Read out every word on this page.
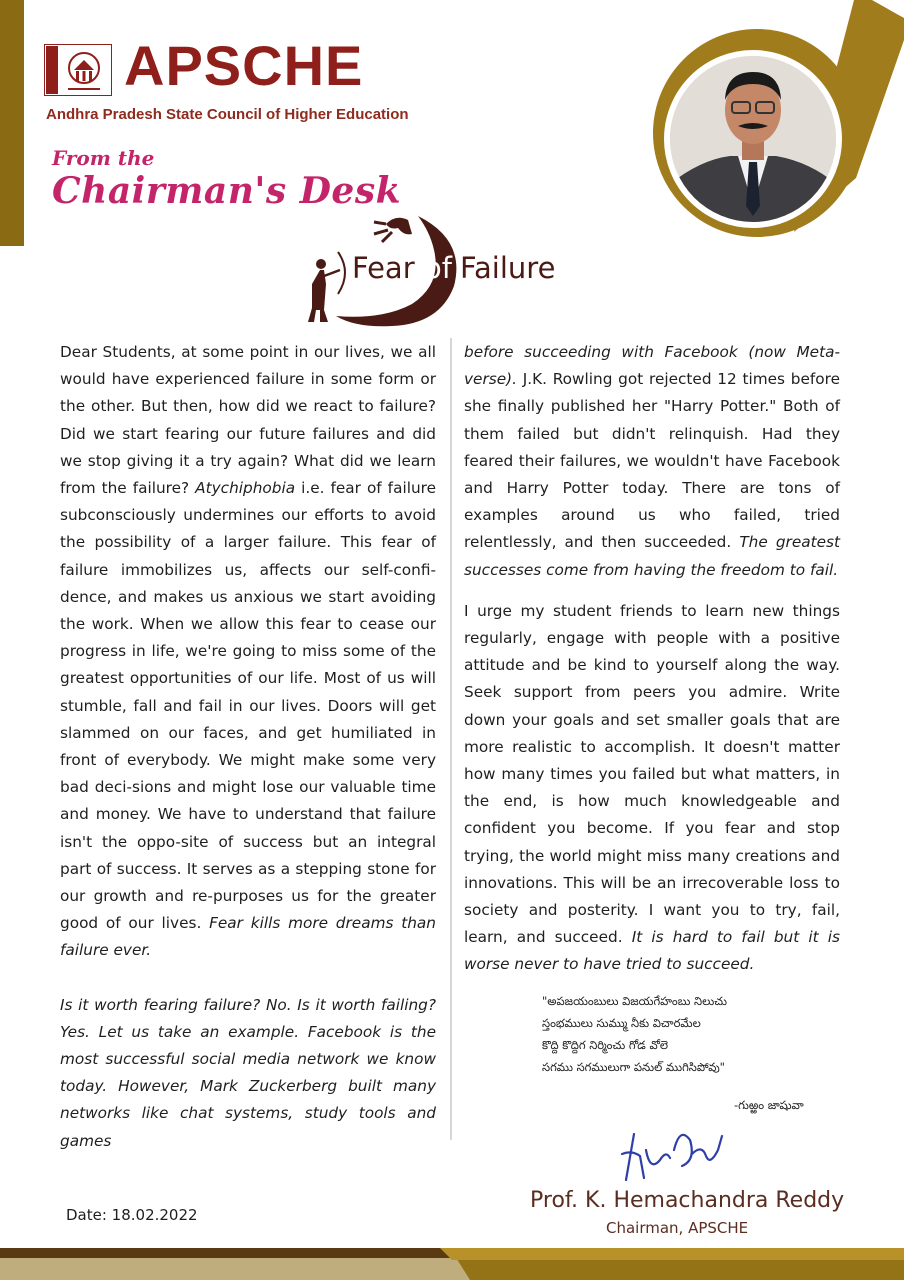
APSCHE
Andhra Pradesh State Council of Higher Education
From the
Chairman's Desk
Fear of Failure

Dear Students, at some point in our lives, we all would have experienced failure in some form or the other. But then, how did we react to failure? Did we start fearing our future failures and did we stop giving it a try again? What did we learn from the failure? Atychiphobia i.e. fear of failure subconsciously undermines our efforts to avoid the possibility of a larger failure. This fear of failure immobilizes us, affects our self-confi-dence, and makes us anxious we start avoiding the work. When we allow this fear to cease our progress in life, we're going to miss some of the greatest opportunities of our life. Most of us will stumble, fall and fail in our lives. Doors will get slammed on our faces, and get humiliated in front of everybody. We might make some very bad deci-sions and might lose our valuable time and money. We have to understand that failure isn't the oppo-site of success but an integral part of success. It serves as a stepping stone for our growth and re-purposes us for the greater good of our lives. Fear kills more dreams than failure ever.

Is it worth fearing failure? No. Is it worth failing? Yes. Let us take an example. Facebook is the most successful social media network we know today. However, Mark Zuckerberg built many networks like chat systems, study tools and games

before succeeding with Facebook (now Meta-verse). J.K. Rowling got rejected 12 times before she finally published her "Harry Potter." Both of them failed but didn't relinquish. Had they feared their failures, we wouldn't have Facebook and Harry Potter today. There are tons of examples around us who failed, tried relentlessly, and then succeeded. The greatest successes come from having the freedom to fail.

I urge my student friends to learn new things regularly, engage with people with a positive attitude and be kind to yourself along the way. Seek support from peers you admire. Write down your goals and set smaller goals that are more realistic to accomplish. It doesn't matter how many times you failed but what matters, in the end, is how much knowledgeable and confident you become. If you fear and stop trying, the world might miss many creations and innovations. This will be an irrecoverable loss to society and posterity. I want you to try, fail, learn, and succeed. It is hard to fail but it is worse never to have tried to succeed.

"అపజయంబులు విజయగేహంబు నిలుచు
స్తంభములు సుమ్ము నీకు విచారమేల
కొద్ది కొద్దిగ నిర్మించు గోడ వోలె
సగము సగములుగా పనుల్ ముగిసిపోవు"
-గుఱ్ఱం జాషువా
Prof. K. Hemachandra Reddy
Chairman, APSCHE
Date: 18.02.2022
